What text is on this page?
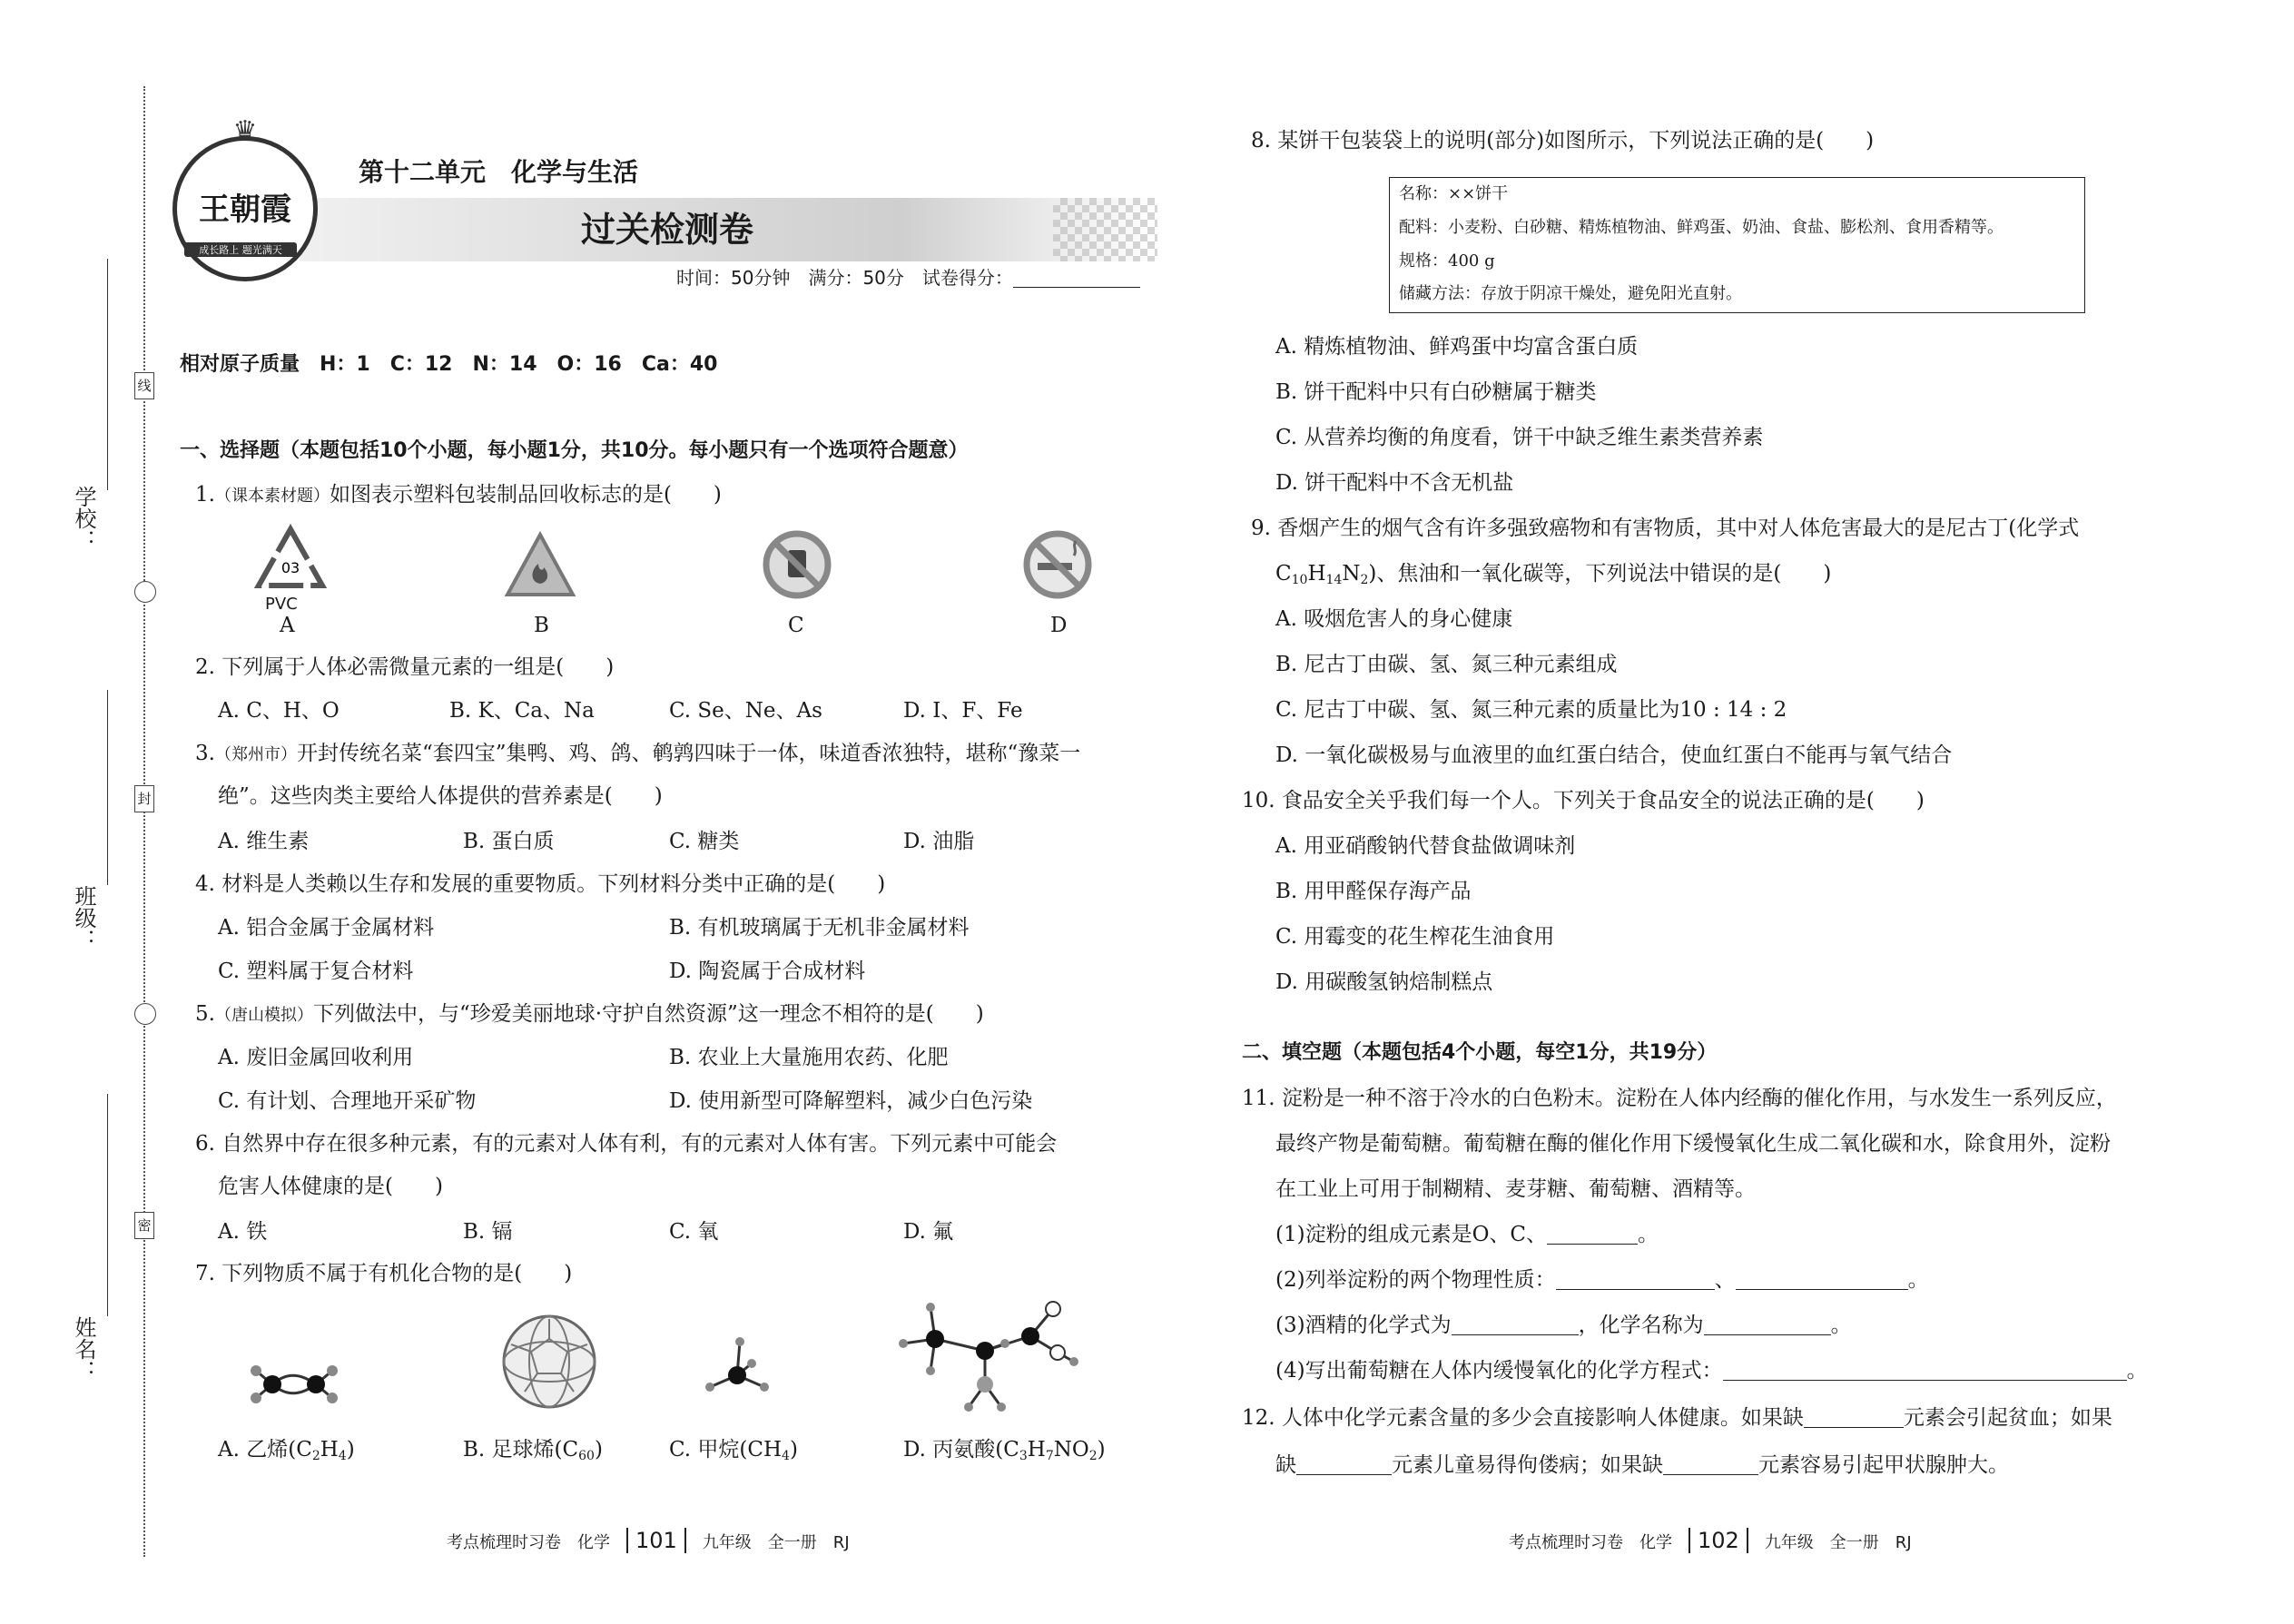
线
封
密
学校：
班级：
姓名：
♛
王朝霞
成长路上 题光满天
第十二单元　化学与生活
过关检测卷
时间：50分钟　满分：50分　试卷得分：
相对原子质量　H：1　C：12　N：14　O：16　Ca：40
一、选择题（本题包括10个小题，每小题1分，共10分。每小题只有一个选项符合题意）
1.（课本素材题）如图表示塑料包装制品回收标志的是(　　)
03
PVC
A	B	C	D
2. 下列属于人体必需微量元素的一组是(　　)
A. C、H、O	B. K、Ca、Na	C. Se、Ne、As	D. I、F、Fe
3.（郑州市）开封传统名菜“套四宝”集鸭、鸡、鸽、鹌鹑四味于一体，味道香浓独特，堪称“豫菜一
绝”。这些肉类主要给人体提供的营养素是(　　)
A. 维生素	B. 蛋白质	C. 糖类	D. 油脂
4. 材料是人类赖以生存和发展的重要物质。下列材料分类中正确的是(　　)
A. 铝合金属于金属材料	B. 有机玻璃属于无机非金属材料
C. 塑料属于复合材料	D. 陶瓷属于合成材料
5.（唐山模拟）下列做法中，与“珍爱美丽地球·守护自然资源”这一理念不相符的是(　　)
A. 废旧金属回收利用	B. 农业上大量施用农药、化肥
C. 有计划、合理地开采矿物	D. 使用新型可降解塑料，减少白色污染
6. 自然界中存在很多种元素，有的元素对人体有利，有的元素对人体有害。下列元素中可能会
危害人体健康的是(　　)
A. 铁	B. 镉	C. 氧	D. 氟
7. 下列物质不属于有机化合物的是(　　)
A. 乙烯$(C_2H_4)$	B. 足球烯$(C_{60})$	C. 甲烷$(CH_4)$	D. 丙氨酸$(C_3H_7NO_2)$
考点梳理时习卷　化学　 101　 九年级　全一册　RJ
8. 某饼干包装袋上的说明(部分)如图所示，下列说法正确的是(　　)
名称：××饼干
配料：小麦粉、白砂糖、精炼植物油、鲜鸡蛋、奶油、食盐、膨松剂、食用香精等。
规格：400 g
储藏方法：存放于阴凉干燥处，避免阳光直射。
A. 精炼植物油、鲜鸡蛋中均富含蛋白质
B. 饼干配料中只有白砂糖属于糖类
C. 从营养均衡的角度看，饼干中缺乏维生素类营养素
D. 饼干配料中不含无机盐
9. 香烟产生的烟气含有许多强致癌物和有害物质，其中对人体危害最大的是尼古丁(化学式
$C_{10}H_{14}N_2$)、焦油和一氧化碳等，下列说法中错误的是(　　)
A. 吸烟危害人的身心健康
B. 尼古丁由碳、氢、氮三种元素组成
C. 尼古丁中碳、氢、氮三种元素的质量比为10 : 14 : 2
D. 一氧化碳极易与血液里的血红蛋白结合，使血红蛋白不能再与氧气结合
10. 食品安全关乎我们每一个人。下列关于食品安全的说法正确的是(　　)
A. 用亚硝酸钠代替食盐做调味剂
B. 用甲醛保存海产品
C. 用霉变的花生榨花生油食用
D. 用碳酸氢钠焙制糕点
二、填空题（本题包括4个小题，每空1分，共19分）
11. 淀粉是一种不溶于冷水的白色粉末。淀粉在人体内经酶的催化作用，与水发生一系列反应，
最终产物是葡萄糖。葡萄糖在酶的催化作用下缓慢氧化生成二氧化碳和水，除食用外，淀粉
在工业上可用于制糊精、麦芽糖、葡萄糖、酒精等。
(1)淀粉的组成元素是O、C、	。
(2)列举淀粉的两个物理性质：	、	。
(3)酒精的化学式为	，化学名称为	。
(4)写出葡萄糖在人体内缓慢氧化的化学方程式：	。
12. 人体中化学元素含量的多少会直接影响人体健康。如果缺	元素会引起贫血；如果
缺	元素儿童易得佝偻病；如果缺	元素容易引起甲状腺肿大。
考点梳理时习卷　化学　 102　 九年级　全一册　RJ
